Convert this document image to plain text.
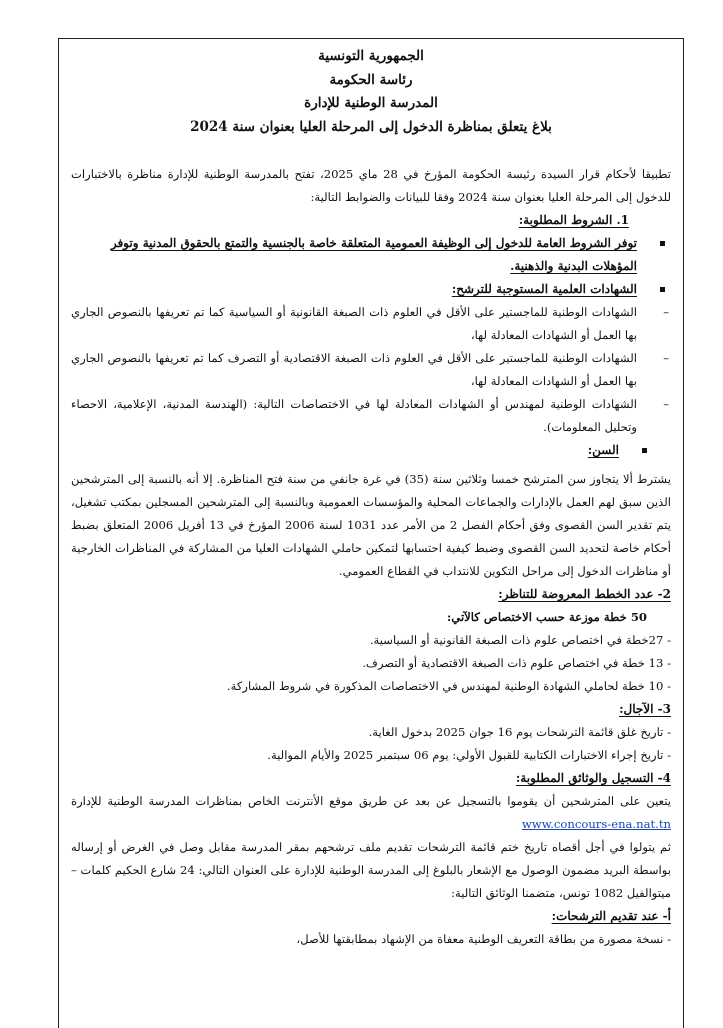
الجمهورية التونسية
رئاسة الحكومة
المدرسة الوطنية للإدارة
بلاغ يتعلق بمناظرة الدخول إلى المرحلة العليا بعنوان سنة 2024
تطبيقا لأحكام قرار السيدة رئيسة الحكومة المؤرخ في 28 ماي 2025، تفتح بالمدرسة الوطنية للإدارة مناظرة بالاختبارات للدخول إلى المرحلة العليا بعنوان سنة 2024 وفقا للبيانات والضوابط التالية:
1. الشروط المطلوبة:
توفر الشروط العامة للدخول إلى الوظيفة العمومية المتعلقة خاصة بالجنسية والتمتع بالحقوق المدنية وتوفر المؤهلات البدنية والذهنية.
الشهادات العلمية المستوجبة للترشح:
–
الشهادات الوطنية للماجستير على الأقل في العلوم ذات الصبغة القانونية أو السياسية كما تم تعريفها بالنصوص الجاري بها العمل أو الشهادات المعادلة لها،
–
الشهادات الوطنية للماجستير على الأقل في العلوم ذات الصبغة الاقتصادية أو التصرف كما تم تعريفها بالنصوص الجاري بها العمل أو الشهادات المعادلة لها،
–
الشهادات الوطنية لمهندس أو الشهادات المعادلة لها في الاختصاصات التالية: (الهندسة المدنية، الإعلامية، الاحصاء وتحليل المعلومات).
السن:
يشترط ألا يتجاوز سن المترشح خمسا وثلاثين سنة (35) في غرة جانفي من سنة فتح المناظرة. إلا أنه بالنسبة إلى المترشحين الذين سبق لهم العمل بالإدارات والجماعات المحلية والمؤسسات العمومية وبالنسبة إلى المترشحين المسجلين بمكتب تشغيل، يتم تقدير السن القصوى وفق أحكام الفصل 2 من الأمر عدد 1031 لسنة 2006 المؤرخ في 13 أفريل 2006 المتعلق بضبط أحكام خاصة لتحديد السن القصوى وضبط كيفية احتسابها لتمكين حاملي الشهادات العليا من المشاركة في المناظرات الخارجية أو مناظرات الدخول إلى مراحل التكوين للانتداب في القطاع العمومي.
2- عدد الخطط المعروضة للتناظر:
50 خطة موزعة حسب الاختصاص كالآتي:
- 27خطة في اختصاص علوم ذات الصبغة القانونية أو السياسية.
- 13 خطة في اختصاص علوم ذات الصبغة الاقتصادية أو التصرف.
- 10 خطة لحاملي الشهادة الوطنية لمهندس في الاختصاصات المذكورة في شروط المشاركة.
3- الآجال:
- تاريخ غلق قائمة الترشحات يوم 16 جوان 2025 بدخول الغاية.
- تاريخ إجراء الاختبارات الكتابية للقبول الأولي: يوم 06 سبتمبر 2025 والأيام الموالية.
4- التسجيل والوثائق المطلوبة:
يتعين على المترشحين أن يقوموا بالتسجيل عن بعد عن طريق موقع الأنترنت الخاص بمناظرات المدرسة الوطنية للإدارة www.concours-ena.nat.tn
ثم يتولوا في أجل أقصاه تاريخ ختم قائمة الترشحات تقديم ملف ترشحهم بمقر المدرسة مقابل وصل في الغرض أو إرساله بواسطة البريد مضمون الوصول مع الإشعار بالبلوغ إلى المدرسة الوطنية للإدارة على العنوان التالي: 24 شارع الحكيم كلمات – ميتوالفيل 1082 تونس، متضمنا الوثائق التالية:
أ- عند تقديم الترشحات:
- نسخة مصورة من بطاقة التعريف الوطنية معفاة من الإشهاد بمطابقتها للأصل،
